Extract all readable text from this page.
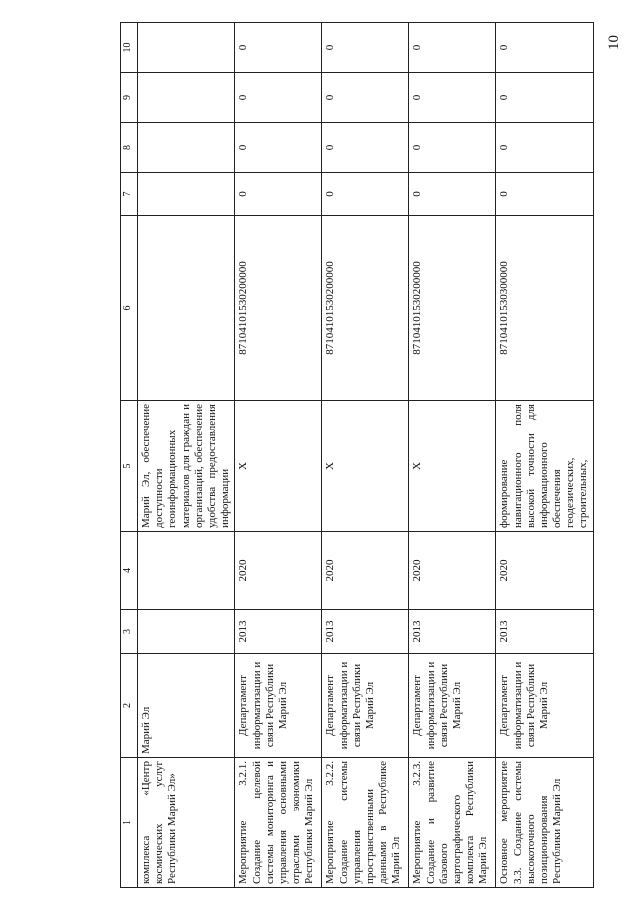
10
1	2	3	4	5	6	7	8	9	10
комплекса «Центр космических услуг Республики Марий Эл»	Марий Эл			Марий Эл, обеспечение доступности геоинформационных материалов для граждан и организаций, обеспечение удобства предоставления информации					
Мероприятие 3.2.1. Создание целевой системы мониторинга и управления основными отраслями экономики Республики Марий Эл	Департамент информатизации и связи Республики Марий Эл	2013	2020	X	87104101530200000	0	0	0	0
Мероприятие 3.2.2. Создание системы управления пространственными данными в Республике Марий Эл	Департамент информатизации и связи Республики Марий Эл	2013	2020	X	87104101530200000	0	0	0	0
Мероприятие 3.2.3. Создание и развитие базового картографического комплекта Республики Марий Эл	Департамент информатизации и связи Республики Марий Эл	2013	2020	X	87104101530200000	0	0	0	0
Основное мероприятие 3.3. Создание системы высокоточного позиционирования Республики Марий Эл	Департамент информатизации и связи Республики Марий Эл	2013	2020	формирование навигационного поля высокой точности для информационного обеспечения геодезических, строительных,	87104101530300000	0	0	0	0
